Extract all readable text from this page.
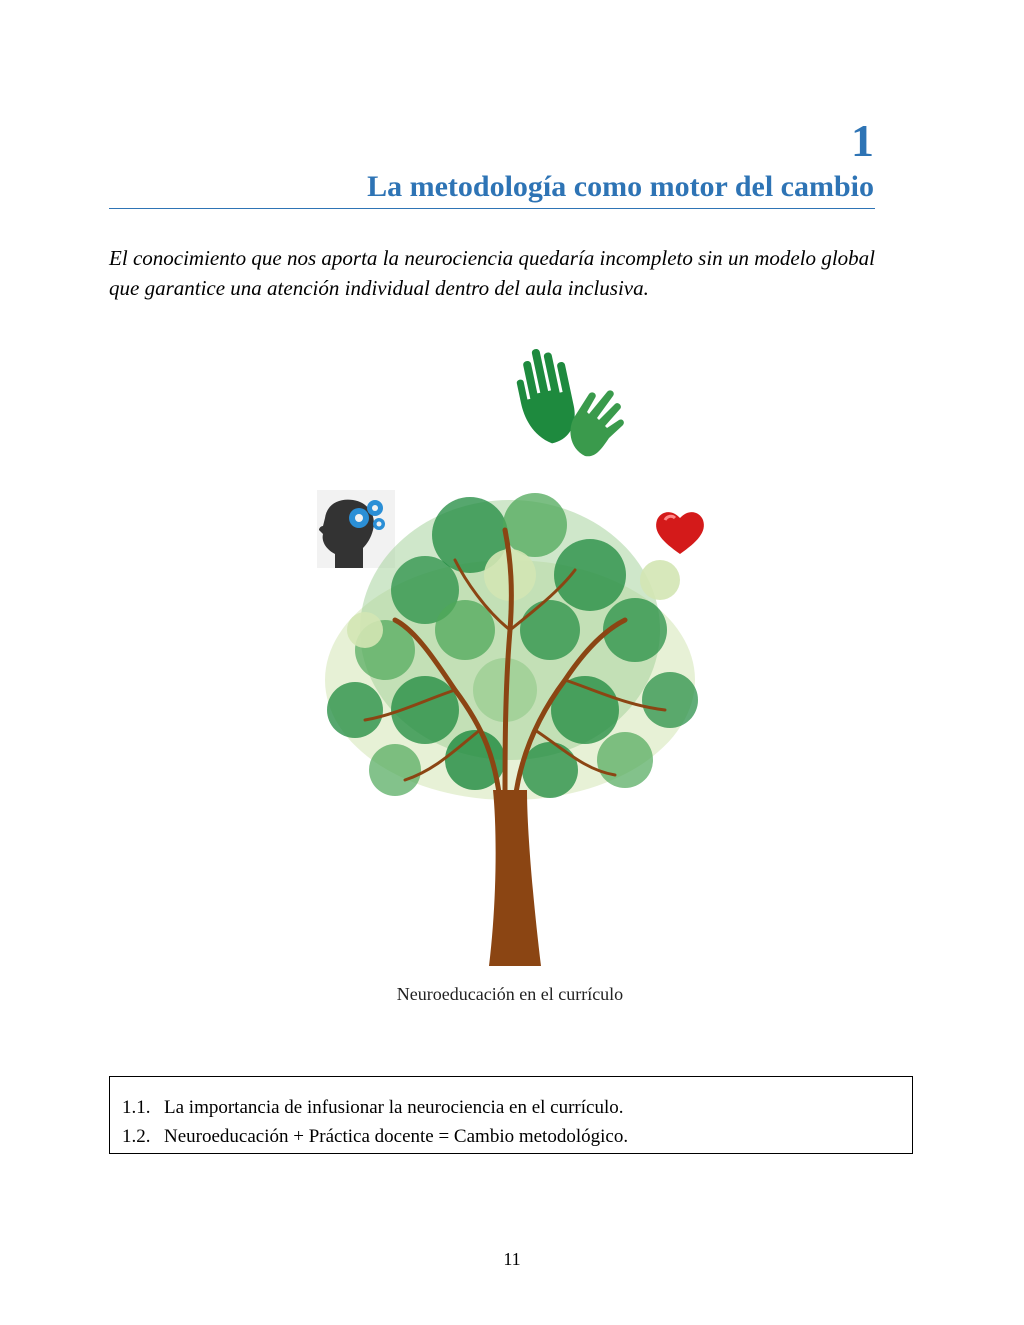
1
La metodología como motor del cambio

El conocimiento que nos aporta la neurociencia quedaría incompleto sin un modelo global que garantice una atención individual dentro del aula inclusiva.

Neuroeducación en el currículo
1.1. La importancia de infusionar la neurociencia en el currículo.
1.2. Neuroeducación + Práctica docente = Cambio metodológico.
11
